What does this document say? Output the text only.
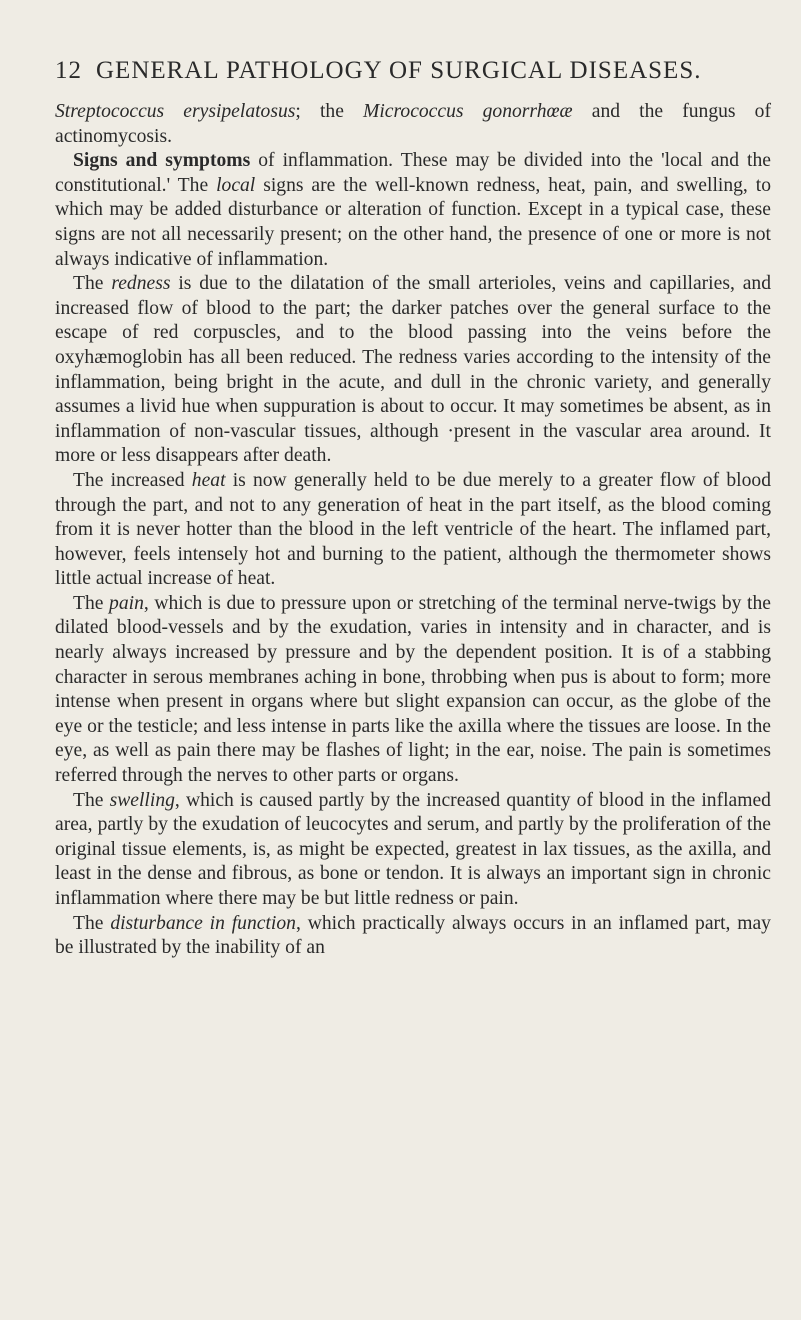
12 GENERAL PATHOLOGY OF SURGICAL DISEASES.

Streptococcus erysipelatosus; the Micrococcus gonorrhœæ and the fungus of actinomycosis.

Signs and symptoms of inflammation. These may be divided into the 'local and the constitutional.' The local signs are the well-known redness, heat, pain, and swelling, to which may be added disturbance or alteration of function. Except in a typical case, these signs are not all necessarily present; on the other hand, the presence of one or more is not always indicative of inflammation.

The redness is due to the dilatation of the small arterioles, veins and capillaries, and increased flow of blood to the part; the darker patches over the general surface to the escape of red corpuscles, and to the blood passing into the veins before the oxyhæmoglobin has all been reduced. The redness varies according to the intensity of the inflammation, being bright in the acute, and dull in the chronic variety, and generally assumes a livid hue when suppuration is about to occur. It may sometimes be absent, as in inflammation of non-vascular tissues, although ·present in the vascular area around. It more or less disappears after death.

The increased heat is now generally held to be due merely to a greater flow of blood through the part, and not to any generation of heat in the part itself, as the blood coming from it is never hotter than the blood in the left ventricle of the heart. The inflamed part, however, feels intensely hot and burning to the patient, although the thermometer shows little actual increase of heat.

The pain, which is due to pressure upon or stretching of the terminal nerve-twigs by the dilated blood-vessels and by the exudation, varies in intensity and in character, and is nearly always increased by pressure and by the dependent position. It is of a stabbing character in serous membranes aching in bone, throbbing when pus is about to form; more intense when present in organs where but slight expansion can occur, as the globe of the eye or the testicle; and less intense in parts like the axilla where the tissues are loose. In the eye, as well as pain there may be flashes of light; in the ear, noise. The pain is sometimes referred through the nerves to other parts or organs.

The swelling, which is caused partly by the increased quantity of blood in the inflamed area, partly by the exudation of leucocytes and serum, and partly by the proliferation of the original tissue elements, is, as might be expected, greatest in lax tissues, as the axilla, and least in the dense and fibrous, as bone or tendon. It is always an important sign in chronic inflammation where there may be but little redness or pain.

The disturbance in function, which practically always occurs in an inflamed part, may be illustrated by the inability of an
